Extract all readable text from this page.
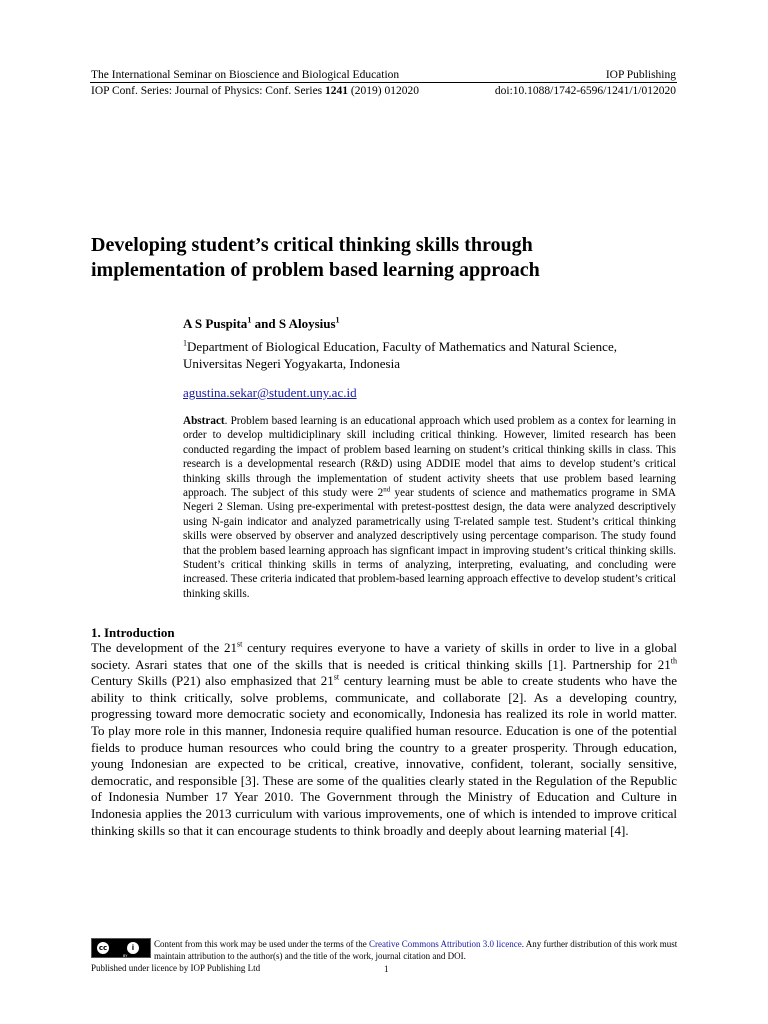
The International Seminar on Bioscience and Biological Education	IOP Publishing
IOP Conf. Series: Journal of Physics: Conf. Series 1241 (2019) 012020	doi:10.1088/1742-6596/1241/1/012020
Developing student’s critical thinking skills through
implementation of problem based learning approach
A S Puspita$^1$ and S Aloysius$^1$
$^1$Department of Biological Education, Faculty of Mathematics and Natural Science,
Universitas Negeri Yogyakarta, Indonesia
agustina.sekar@student.uny.ac.id
Abstract. Problem based learning is an educational approach which used problem as a contex for learning in order to develop multidiciplinary skill including critical thinking. However, limited research has been conducted regarding the impact of problem based learning on student’s critical thinking skills in class. This research is a developmental research (R&D) using ADDIE model that aims to develop student’s critical thinking skills through the implementation of student activity sheets that use problem based learning approach. The subject of this study were 2nd year students of science and mathematics programe in SMA Negeri 2 Sleman. Using pre-experimental with pretest-posttest design, the data were analyzed descriptively using N-gain indicator and analyzed parametrically using T-related sample test. Student’s critical thinking skills were observed by observer and analyzed descriptively using percentage comparison. The study found that the problem based learning approach has signficant impact in improving student’s critical thinking skills. Student’s critical thinking skills in terms of analyzing, interpreting, evaluating, and concluding were increased. These criteria indicated that problem-based learning approach effective to develop student’s critical thinking skills.
1. Introduction
The development of the 21st century requires everyone to have a variety of skills in order to live in a global society. Asrari states that one of the skills that is needed is critical thinking skills [1]. Partnership for 21th Century Skills (P21) also emphasized that 21st century learning must be able to create students who have the ability to think critically, solve problems, communicate, and collaborate [2]. As a developing country, progressing toward more democratic society and economically, Indonesia has realized its role in world matter. To play more role in this manner, Indonesia require qualified human resource. Education is one of the potential fields to produce human resources who could bring the country to a greater prosperity. Through education, young Indonesian are expected to be critical, creative, innovative, confident, tolerant, socially sensitive, democratic, and responsible [3]. These are some of the qualities clearly stated in the Regulation of the Republic of Indonesia Number 17 Year 2010. The Government through the Ministry of Education and Culture in Indonesia applies the 2013 curriculum with various improvements, one of which is intended to improve critical thinking skills so that it can encourage students to think broadly and deeply about learning material [4].
cc	i
BY
Content from this work may be used under the terms of the Creative Commons Attribution 3.0 licence. Any further distribution of this work must maintain attribution to the author(s) and the title of the work, journal citation and DOI.
Published under licence by IOP Publishing Ltd	1
